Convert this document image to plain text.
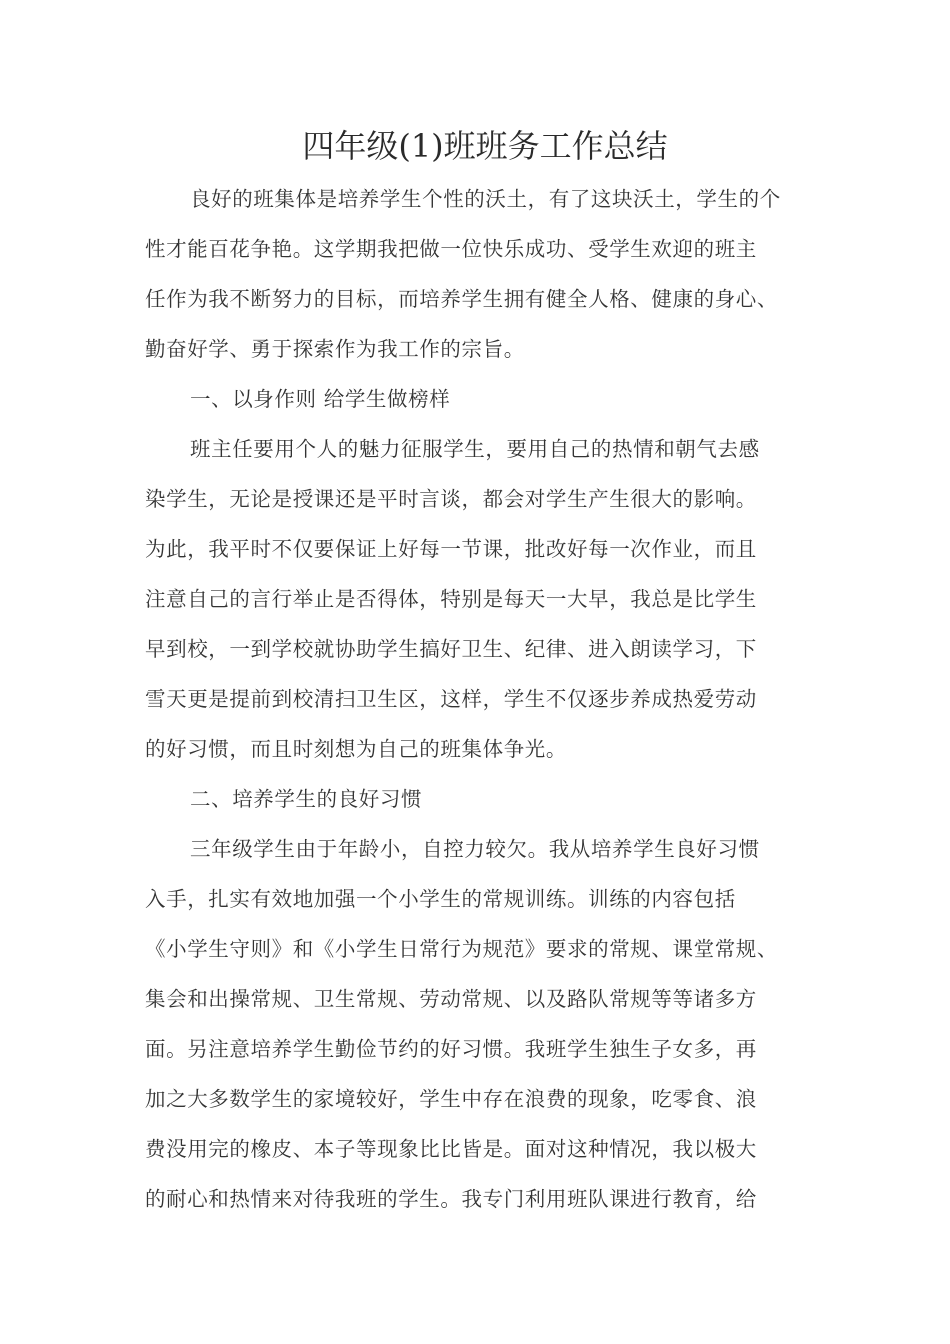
四年级(1)班班务工作总结
良好的班集体是培养学生个性的沃土，有了这块沃土，学生的个
性才能百花争艳。这学期我把做一位快乐成功、受学生欢迎的班主
任作为我不断努力的目标，而培养学生拥有健全人格、健康的身心、
勤奋好学、勇于探索作为我工作的宗旨。
一、以身作则 给学生做榜样
班主任要用个人的魅力征服学生，要用自己的热情和朝气去感
染学生，无论是授课还是平时言谈，都会对学生产生很大的影响。
为此，我平时不仅要保证上好每一节课，批改好每一次作业，而且
注意自己的言行举止是否得体，特别是每天一大早，我总是比学生
早到校，一到学校就协助学生搞好卫生、纪律、进入朗读学习，下
雪天更是提前到校清扫卫生区，这样，学生不仅逐步养成热爱劳动
的好习惯，而且时刻想为自己的班集体争光。
二、培养学生的良好习惯
三年级学生由于年龄小，自控力较欠。我从培养学生良好习惯
入手，扎实有效地加强一个小学生的常规训练。训练的内容包括
《小学生守则》和《小学生日常行为规范》要求的常规、课堂常规、
集会和出操常规、卫生常规、劳动常规、以及路队常规等等诸多方
面。另注意培养学生勤俭节约的好习惯。我班学生独生子女多，再
加之大多数学生的家境较好，学生中存在浪费的现象，吃零食、浪
费没用完的橡皮、本子等现象比比皆是。面对这种情况，我以极大
的耐心和热情来对待我班的学生。我专门利用班队课进行教育，给
